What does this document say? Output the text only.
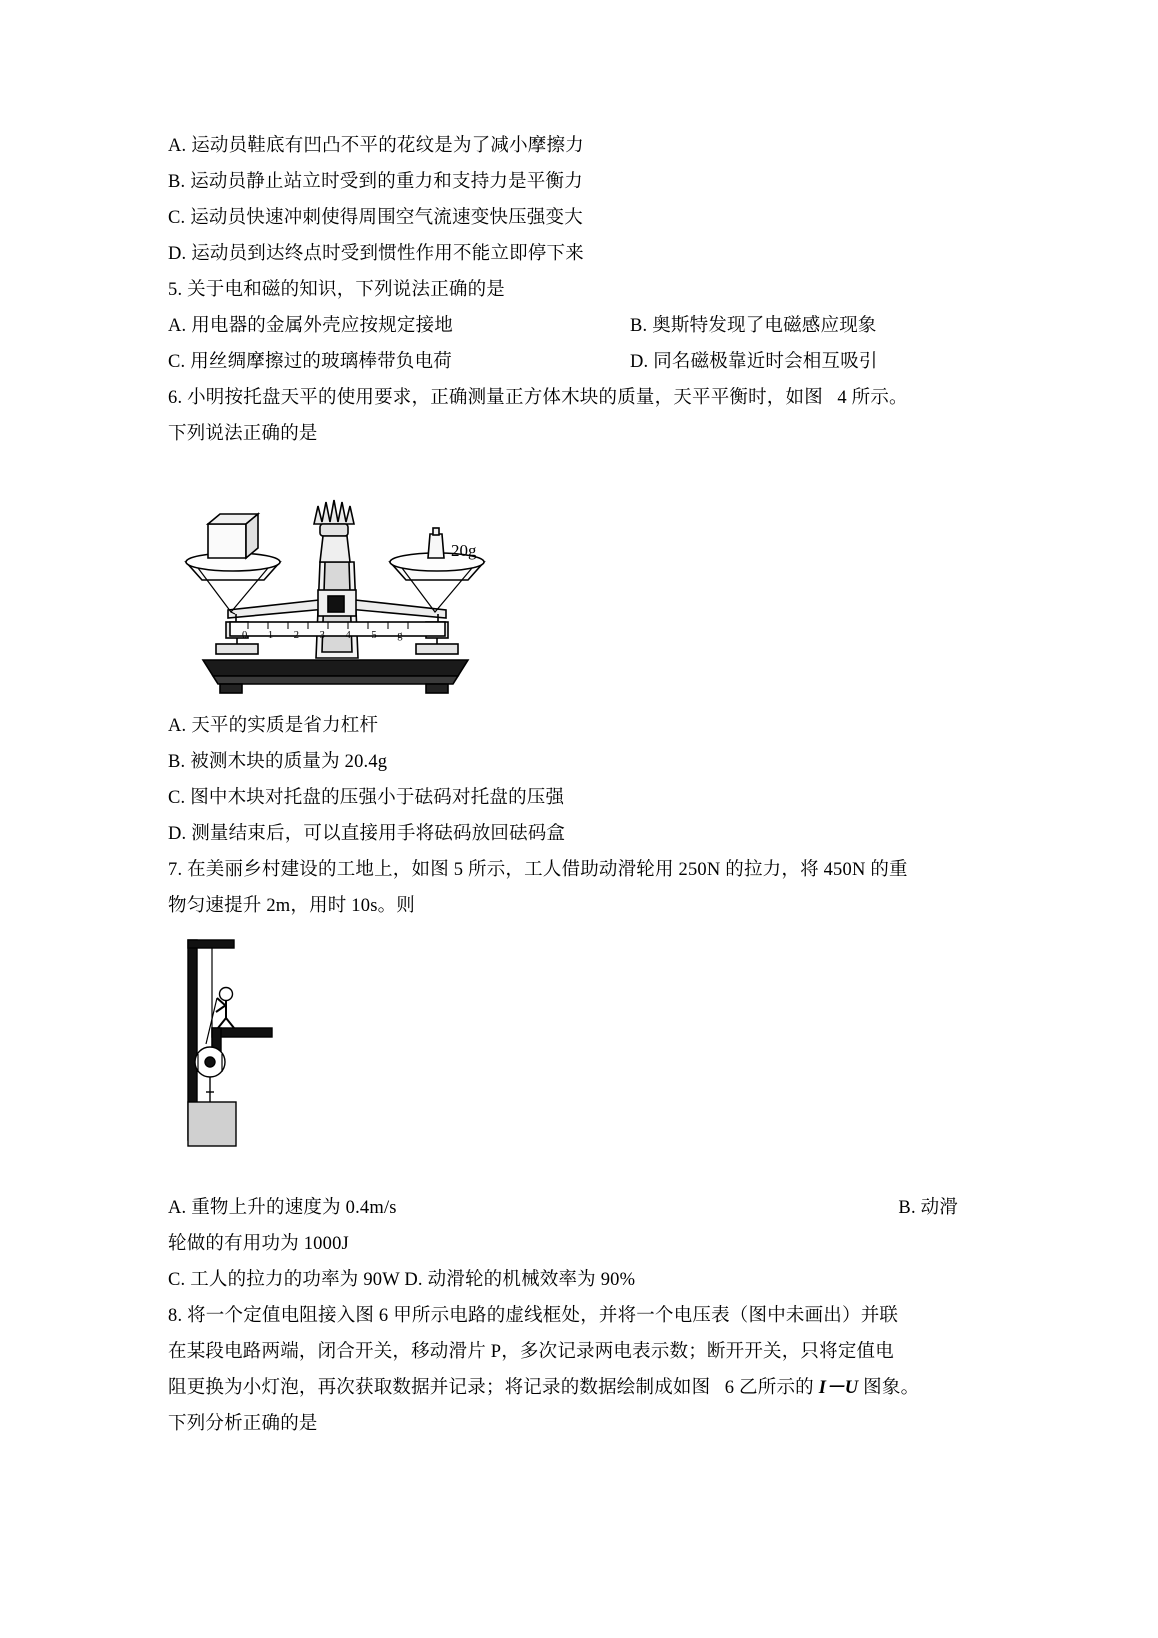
A. 运动员鞋底有凹凸不平的花纹是为了减小摩擦力
B. 运动员静止站立时受到的重力和支持力是平衡力
C. 运动员快速冲刺使得周围空气流速变快压强变大
D. 运动员到达终点时受到惯性作用不能立即停下来
5. 关于电和磁的知识，下列说法正确的是
A. 用电器的金属外壳应按规定接地	B. 奥斯特发现了电磁感应现象
C. 用丝绸摩擦过的玻璃棒带负电荷	D. 同名磁极靠近时会相互吸引
6. 小明按托盘天平的使用要求，正确测量正方体木块的质量，天平平衡时，如图   4 所示。
下列说法正确的是
20g
0 1 2 3 4 5 g
A. 天平的实质是省力杠杆
B. 被测木块的质量为 20.4g
C. 图中木块对托盘的压强小于砝码对托盘的压强
D. 测量结束后，可以直接用手将砝码放回砝码盒
7. 在美丽乡村建设的工地上，如图 5 所示，工人借助动滑轮用 250N 的拉力，将 450N 的重
物匀速提升 2m，用时 10s。则
A. 重物上升的速度为 0.4m/s	B. 动滑
轮做的有用功为 1000J
C. 工人的拉力的功率为 90W D. 动滑轮的机械效率为 90%
8. 将一个定值电阻接入图 6 甲所示电路的虚线框处，并将一个电压表（图中未画出）并联
在某段电路两端，闭合开关，移动滑片 P，多次记录两电表示数；断开开关，只将定值电
阻更换为小灯泡，再次获取数据并记录；将记录的数据绘制成如图   6 乙所示的 I－U 图象。
下列分析正确的是
